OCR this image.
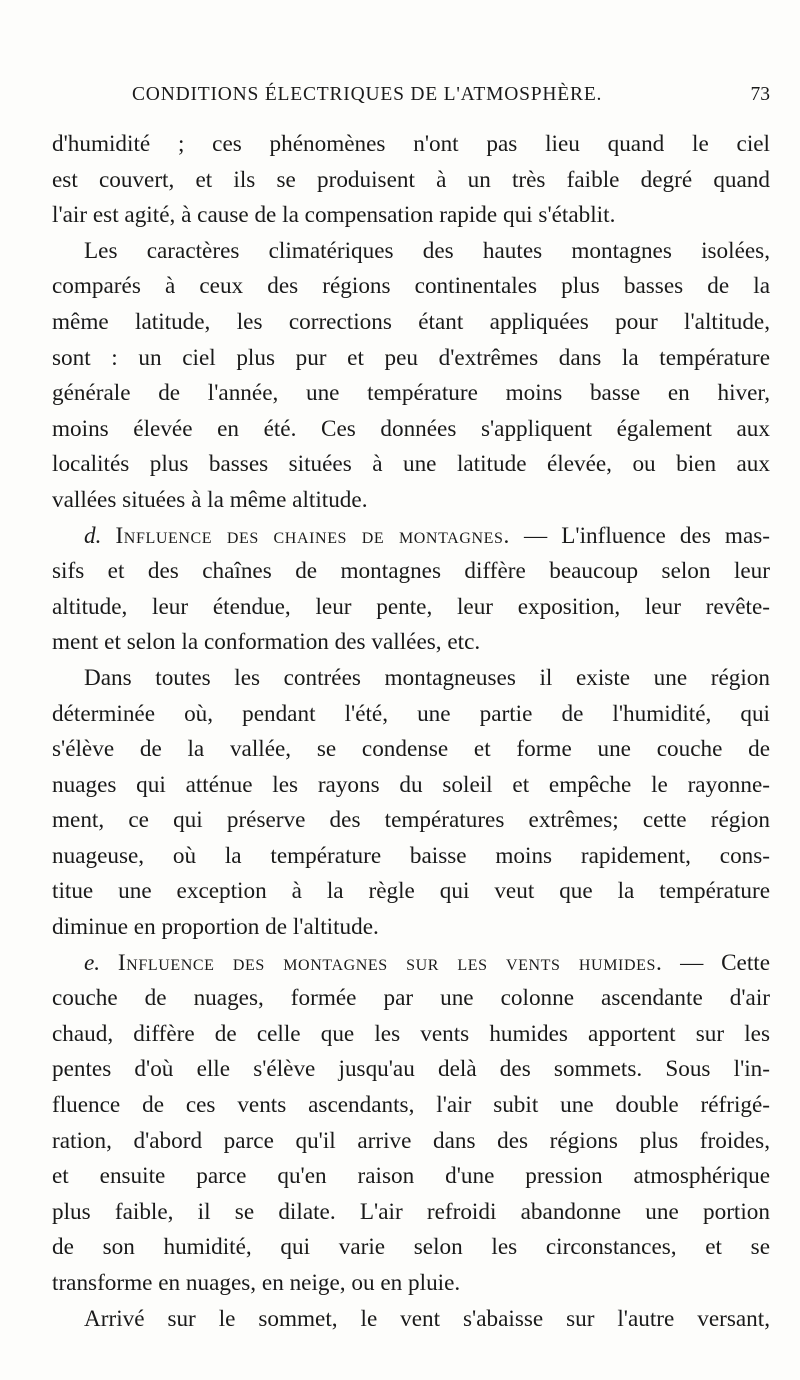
CONDITIONS ÉLECTRIQUES DE L'ATMOSPHÈRE.	73
d'humidité ; ces phénomènes n'ont pas lieu quand le ciel
est couvert, et ils se produisent à un très faible degré quand
l'air est agité, à cause de la compensation rapide qui s'établit.
Les caractères climatériques des hautes montagnes isolées,
comparés à ceux des régions continentales plus basses de la
même latitude, les corrections étant appliquées pour l'altitude,
sont : un ciel plus pur et peu d'extrêmes dans la température
générale de l'année, une température moins basse en hiver,
moins élevée en été. Ces données s'appliquent également aux
localités plus basses situées à une latitude élevée, ou bien aux
vallées situées à la même altitude.
d. Influence des chaines de montagnes. — L'influence des mas-
sifs et des chaînes de montagnes diffère beaucoup selon leur
altitude, leur étendue, leur pente, leur exposition, leur revête-
ment et selon la conformation des vallées, etc.
Dans toutes les contrées montagneuses il existe une région
déterminée où, pendant l'été, une partie de l'humidité, qui
s'élève de la vallée, se condense et forme une couche de
nuages qui atténue les rayons du soleil et empêche le rayonne-
ment, ce qui préserve des températures extrêmes; cette région
nuageuse, où la température baisse moins rapidement, cons-
titue une exception à la règle qui veut que la température
diminue en proportion de l'altitude.
e. Influence des montagnes sur les vents humides. — Cette
couche de nuages, formée par une colonne ascendante d'air
chaud, diffère de celle que les vents humides apportent sur les
pentes d'où elle s'élève jusqu'au delà des sommets. Sous l'in-
fluence de ces vents ascendants, l'air subit une double réfrigé-
ration, d'abord parce qu'il arrive dans des régions plus froides,
et ensuite parce qu'en raison d'une pression atmosphérique
plus faible, il se dilate. L'air refroidi abandonne une portion
de son humidité, qui varie selon les circonstances, et se
transforme en nuages, en neige, ou en pluie.
Arrivé sur le sommet, le vent s'abaisse sur l'autre versant,
